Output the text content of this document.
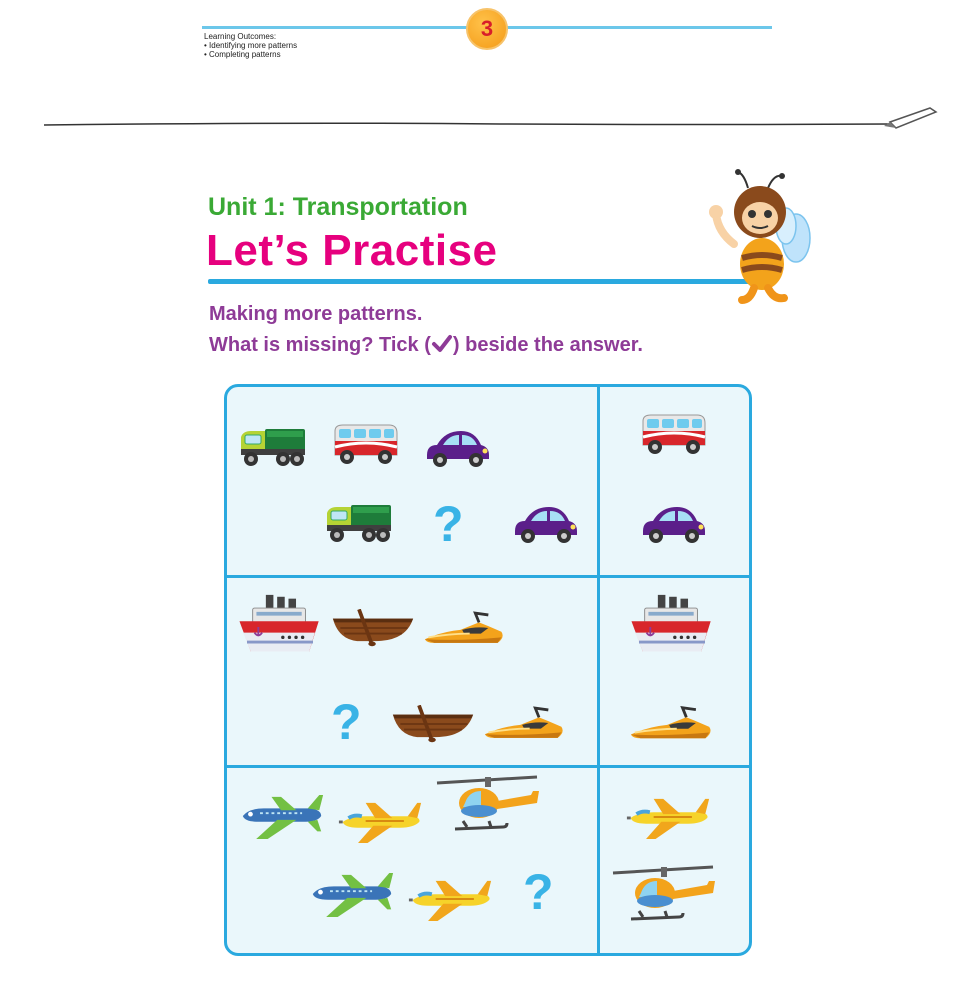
3
Learning Outcomes:
• Identifying more patterns
• Completing patterns
Unit 1: Transportation
Let’s Practise
Making more patterns.
What is missing? Tick ( ) beside the answer.
?
?
?
